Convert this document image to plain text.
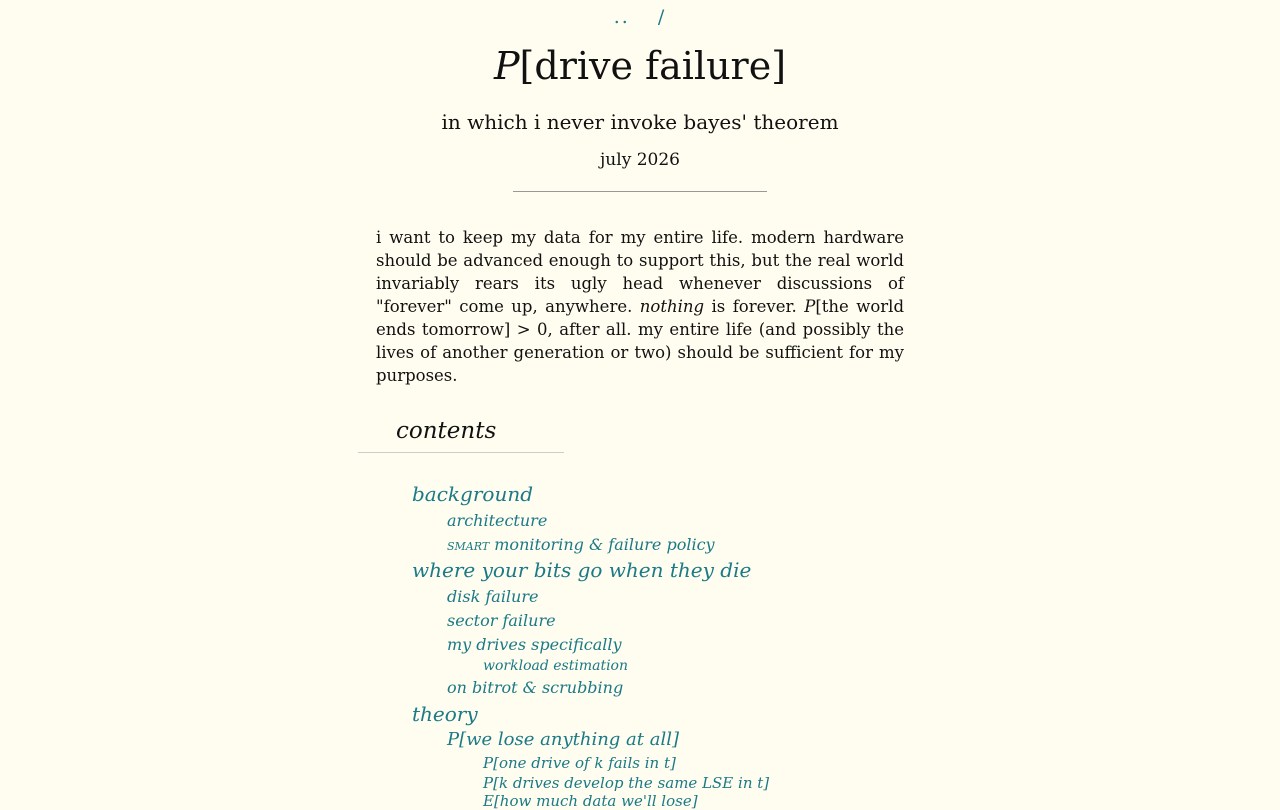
.. /
P[drive failure]
in which i never invoke bayes' theorem
july 2026
i want to keep my data for my entire life. modern hardware should be advanced enough to support this, but the real world invariably rears its ugly head whenever discussions of "forever" come up, anywhere. nothing is forever. P[the world ends tomorrow] > 0, after all. my entire life (and possibly the lives of another generation or two) should be sufficient for my purposes.
contents
background
architecture
smart monitoring & failure policy
where your bits go when they die
disk failure
sector failure
my drives specifically
workload estimation
on bitrot & scrubbing
theory
P[we lose anything at all]
P[one drive of k fails in t]
P[k drives develop the same LSE in t]
E[how much data we'll lose]
